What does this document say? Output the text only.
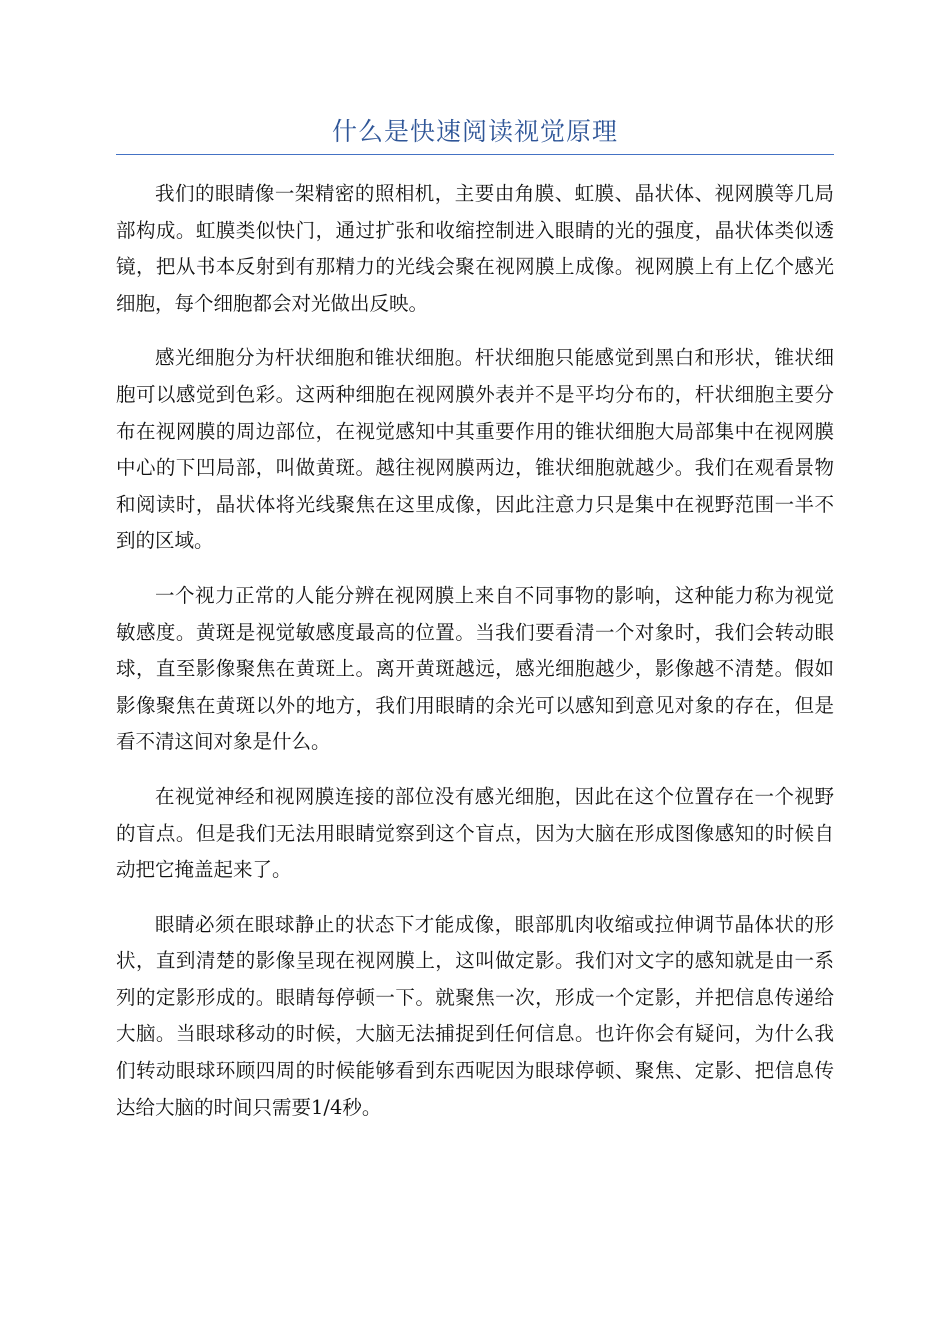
什么是快速阅读视觉原理

我们的眼睛像一架精密的照相机，主要由角膜、虹膜、晶状体、视网膜等几局部构成。虹膜类似快门，通过扩张和收缩控制进入眼睛的光的强度，晶状体类似透镜，把从书本反射到有那精力的光线会聚在视网膜上成像。视网膜上有上亿个感光细胞，每个细胞都会对光做出反映。

感光细胞分为杆状细胞和锥状细胞。杆状细胞只能感觉到黑白和形状，锥状细胞可以感觉到色彩。这两种细胞在视网膜外表并不是平均分布的，杆状细胞主要分布在视网膜的周边部位，在视觉感知中其重要作用的锥状细胞大局部集中在视网膜中心的下凹局部，叫做黄斑。越往视网膜两边，锥状细胞就越少。我们在观看景物和阅读时，晶状体将光线聚焦在这里成像，因此注意力只是集中在视野范围一半不到的区域。

一个视力正常的人能分辨在视网膜上来自不同事物的影响，这种能力称为视觉敏感度。黄斑是视觉敏感度最高的位置。当我们要看清一个对象时，我们会转动眼球，直至影像聚焦在黄斑上。离开黄斑越远，感光细胞越少，影像越不清楚。假如影像聚焦在黄斑以外的地方，我们用眼睛的余光可以感知到意见对象的存在，但是看不清这间对象是什么。

在视觉神经和视网膜连接的部位没有感光细胞，因此在这个位置存在一个视野的盲点。但是我们无法用眼睛觉察到这个盲点，因为大脑在形成图像感知的时候自动把它掩盖起来了。

眼睛必须在眼球静止的状态下才能成像，眼部肌肉收缩或拉伸调节晶体状的形状，直到清楚的影像呈现在视网膜上，这叫做定影。我们对文字的感知就是由一系列的定影形成的。眼睛每停顿一下。就聚焦一次，形成一个定影，并把信息传递给大脑。当眼球移动的时候，大脑无法捕捉到任何信息。也许你会有疑问，为什么我们转动眼球环顾四周的时候能够看到东西呢因为眼球停顿、聚焦、定影、把信息传达给大脑的时间只需要1/4秒。
